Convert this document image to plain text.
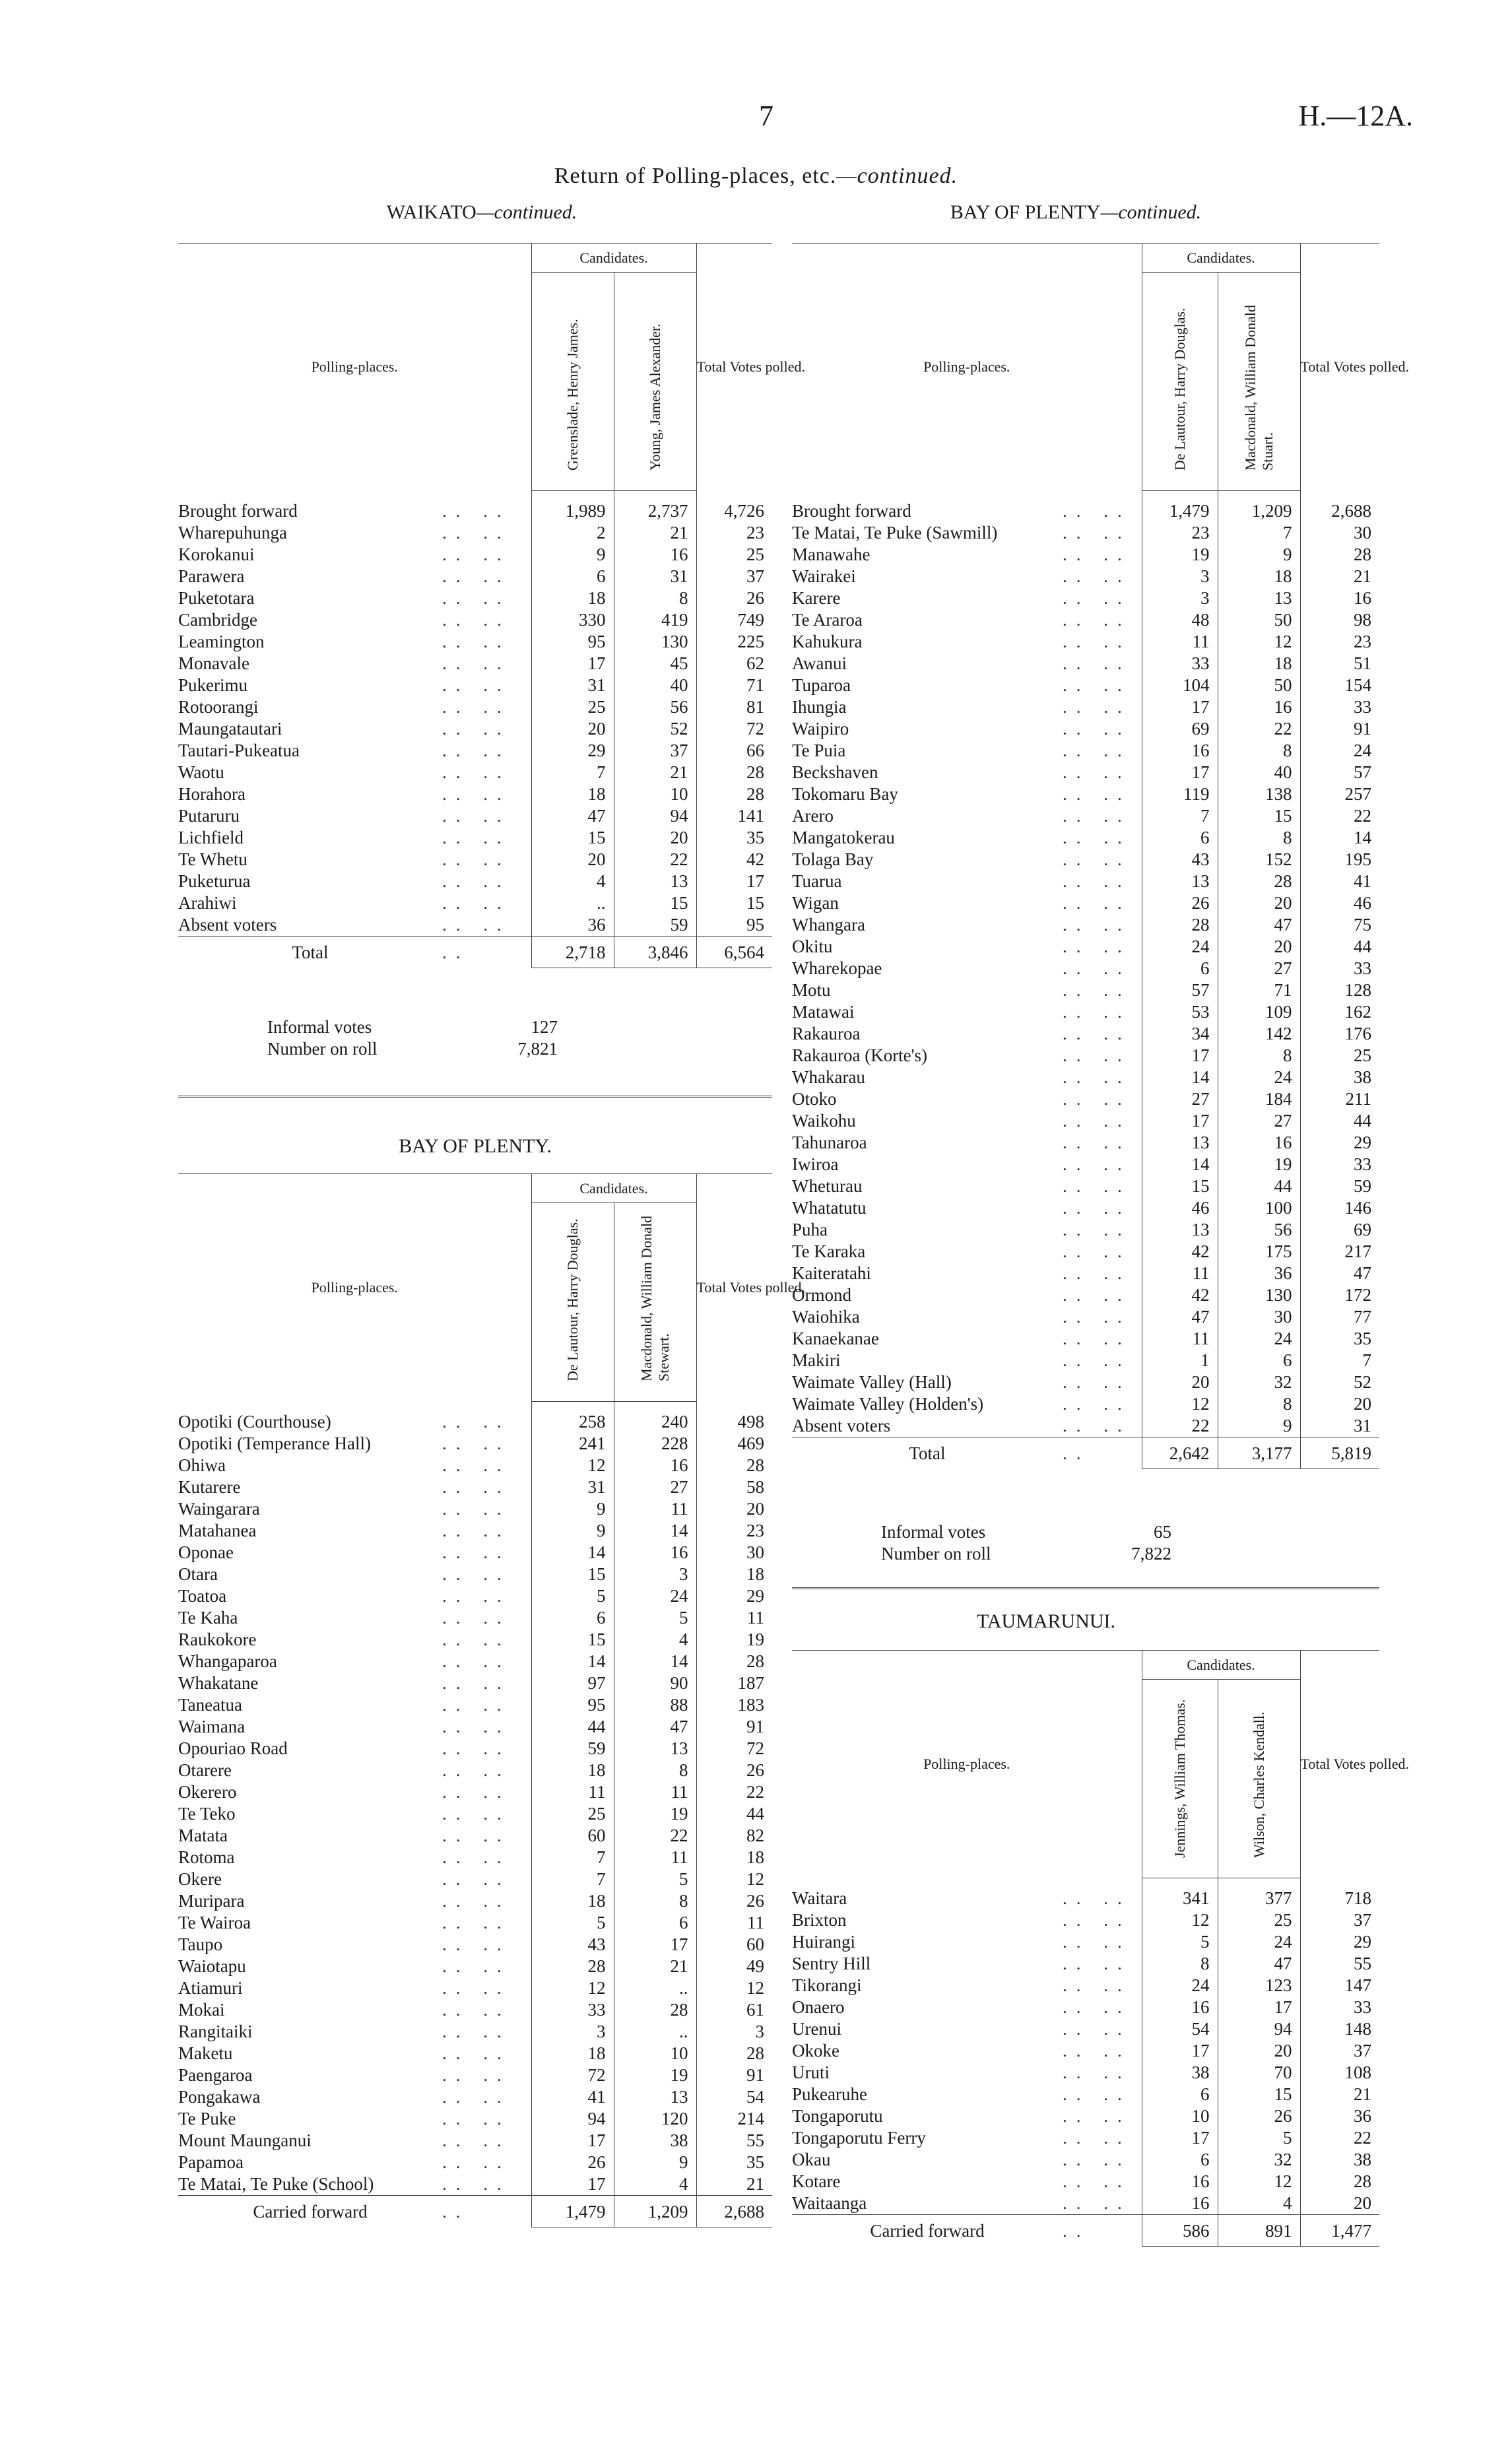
7	H.—12A.
Return of Polling-places, etc.—continued.
WAIKATO—continued.
Polling-places.		Candidates.		Total Votes polled.

		Greenslade, Henry James.	Young, James Alexander.	

Brought forward	.. ..	1,989	2,737	4,726
Wharepuhunga	.. ..	2	21	23
Korokanui	.. ..	9	16	25
Parawera	.. ..	6	31	37
Puketotara	.. ..	18	8	26
Cambridge	.. ..	330	419	749
Leamington	.. ..	95	130	225
Monavale	.. ..	17	45	62
Pukerimu	.. ..	31	40	71
Rotoorangi	.. ..	25	56	81
Maungatautari	.. ..	20	52	72
Tautari-Pukeatua	.. ..	29	37	66
Waotu	.. ..	7	21	28
Horahora	.. ..	18	10	28
Putaruru	.. ..	47	94	141
Lichfield	.. ..	15	20	35
Te Whetu	.. ..	20	22	42
Puketurua	.. ..	4	13	17
Arahiwi	.. ..	..	15	15
Absent voters	.. ..	36	59	95
Total	..	2,718	3,846	6,564
Informal votes	127
Number on roll	7,821
BAY OF PLENTY.
Polling-places.		Candidates.		Total Votes polled.

		De Lautour, Harry Douglas.	Macdonald, William Donald Stewart.	

Opotiki (Courthouse)	.. ..	258	240	498
Opotiki (Temperance Hall)	.. ..	241	228	469
Ohiwa	.. ..	12	16	28
Kutarere	.. ..	31	27	58
Waingarara	.. ..	9	11	20
Matahanea	.. ..	9	14	23
Oponae	.. ..	14	16	30
Otara	.. ..	15	3	18
Toatoa	.. ..	5	24	29
Te Kaha	.. ..	6	5	11
Raukokore	.. ..	15	4	19
Whangaparoa	.. ..	14	14	28
Whakatane	.. ..	97	90	187
Taneatua	.. ..	95	88	183
Waimana	.. ..	44	47	91
Opouriao Road	.. ..	59	13	72
Otarere	.. ..	18	8	26
Okerero	.. ..	11	11	22
Te Teko	.. ..	25	19	44
Matata	.. ..	60	22	82
Rotoma	.. ..	7	11	18
Okere	.. ..	7	5	12
Muripara	.. ..	18	8	26
Te Wairoa	.. ..	5	6	11
Taupo	.. ..	43	17	60
Waiotapu	.. ..	28	21	49
Atiamuri	.. ..	12	..	12
Mokai	.. ..	33	28	61
Rangitaiki	.. ..	3	..	3
Maketu	.. ..	18	10	28
Paengaroa	.. ..	72	19	91
Pongakawa	.. ..	41	13	54
Te Puke	.. ..	94	120	214
Mount Maunganui	.. ..	17	38	55
Papamoa	.. ..	26	9	35
Te Matai, Te Puke (School)	.. ..	17	4	21
Carried forward	..	1,479	1,209	2,688
BAY OF PLENTY—continued.
Polling-places.		Candidates.		Total Votes polled.

		De Lautour, Harry Douglas.	Macdonald, William Donald Stuart.	

Brought forward	.. ..	1,479	1,209	2,688
Te Matai, Te Puke (Sawmill)	.. ..	23	7	30
Manawahe	.. ..	19	9	28
Wairakei	.. ..	3	18	21
Karere	.. ..	3	13	16
Te Araroa	.. ..	48	50	98
Kahukura	.. ..	11	12	23
Awanui	.. ..	33	18	51
Tuparoa	.. ..	104	50	154
Ihungia	.. ..	17	16	33
Waipiro	.. ..	69	22	91
Te Puia	.. ..	16	8	24
Beckshaven	.. ..	17	40	57
Tokomaru Bay	.. ..	119	138	257
Arero	.. ..	7	15	22
Mangatokerau	.. ..	6	8	14
Tolaga Bay	.. ..	43	152	195
Tuarua	.. ..	13	28	41
Wigan	.. ..	26	20	46
Whangara	.. ..	28	47	75
Okitu	.. ..	24	20	44
Wharekopae	.. ..	6	27	33
Motu	.. ..	57	71	128
Matawai	.. ..	53	109	162
Rakauroa	.. ..	34	142	176
Rakauroa (Korte's)	.. ..	17	8	25
Whakarau	.. ..	14	24	38
Otoko	.. ..	27	184	211
Waikohu	.. ..	17	27	44
Tahunaroa	.. ..	13	16	29
Iwiroa	.. ..	14	19	33
Wheturau	.. ..	15	44	59
Whatatutu	.. ..	46	100	146
Puha	.. ..	13	56	69
Te Karaka	.. ..	42	175	217
Kaiteratahi	.. ..	11	36	47
Ormond	.. ..	42	130	172
Waiohika	.. ..	47	30	77
Kanaekanae	.. ..	11	24	35
Makiri	.. ..	1	6	7
Waimate Valley (Hall)	.. ..	20	32	52
Waimate Valley (Holden's)	.. ..	12	8	20
Absent voters	.. ..	22	9	31
Total	..	2,642	3,177	5,819
Informal votes	65
Number on roll	7,822
TAUMARUNUI.
Polling-places.		Candidates.		Total Votes polled.

		Jennings, William Thomas.	Wilson, Charles Kendall.	

Waitara	.. ..	341	377	718
Brixton	.. ..	12	25	37
Huirangi	.. ..	5	24	29
Sentry Hill	.. ..	8	47	55
Tikorangi	.. ..	24	123	147
Onaero	.. ..	16	17	33
Urenui	.. ..	54	94	148
Okoke	.. ..	17	20	37
Uruti	.. ..	38	70	108
Pukearuhe	.. ..	6	15	21
Tongaporutu	.. ..	10	26	36
Tongaporutu Ferry	.. ..	17	5	22
Okau	.. ..	6	32	38
Kotare	.. ..	16	12	28
Waitaanga	.. ..	16	4	20
Carried forward	..	586	891	1,477
